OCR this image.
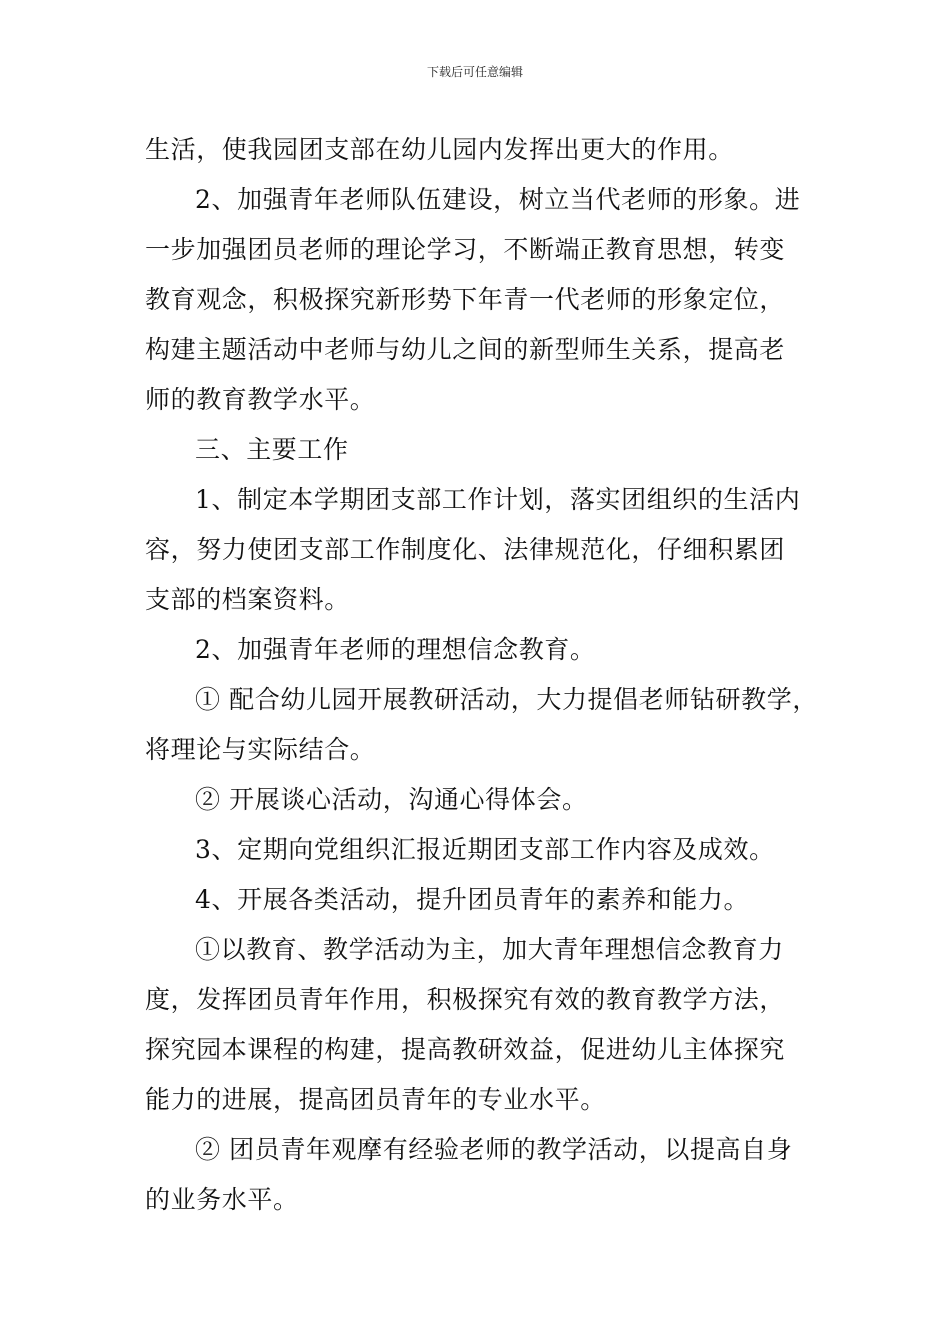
下载后可任意编辑
生活，使我园团支部在幼儿园内发挥出更大的作用。
2、加强青年老师队伍建设，树立当代老师的形象。进
一步加强团员老师的理论学习，不断端正教育思想，转变
教育观念，积极探究新形势下年青一代老师的形象定位，
构建主题活动中老师与幼儿之间的新型师生关系，提高老
师的教育教学水平。
三、主要工作
1、制定本学期团支部工作计划，落实团组织的生活内
容，努力使团支部工作制度化、法律规范化，仔细积累团
支部的档案资料。
2、加强青年老师的理想信念教育。
① 配合幼儿园开展教研活动，大力提倡老师钻研教学，
将理论与实际结合。
② 开展谈心活动，沟通心得体会。
3、定期向党组织汇报近期团支部工作内容及成效。
4、开展各类活动，提升团员青年的素养和能力。
①以教育、教学活动为主，加大青年理想信念教育力
度，发挥团员青年作用，积极探究有效的教育教学方法，
探究园本课程的构建，提高教研效益，促进幼儿主体探究
能力的进展，提高团员青年的专业水平。
② 团员青年观摩有经验老师的教学活动，以提高自身
的业务水平。
